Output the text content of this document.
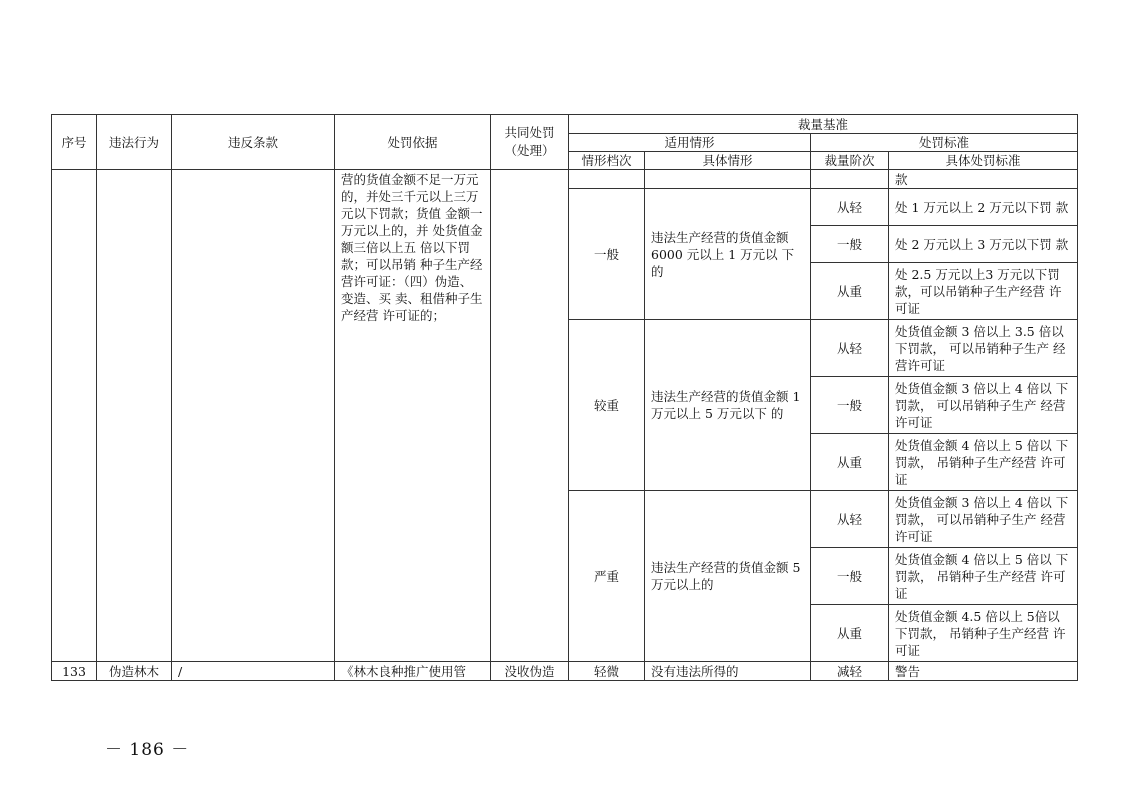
序号	违法行为	违反条款	处罚依据	共同处罚（处理）	裁量基准			
					适用情形		处罚标准	
					情形档次	具体情形	裁量阶次	具体处罚标准
			营的货值金额不足一万元的，并处三千元以上三万元以下罚款；货值 金额一万元以上的，并 处货值金额三倍以上五 倍以下罚款；可以吊销 种子生产经营许可证：（四）伪造、变造、买 卖、租借种子生产经营 许可证的；					款
					一般	违法生产经营的货值金额 6000 元以上 1 万元以 下的	从轻	处 1 万元以上 2 万元以下罚 款
							一般	处 2 万元以上 3 万元以下罚 款
							从重	处 2.5 万元以上3 万元以下罚 款，可以吊销种子生产经营 许可证
					较重	违法生产经营的货值金额 1 万元以上 5 万元以下 的	从轻	处货值金额 3 倍以上 3.5 倍以 下罚款， 可以吊销种子生产 经营许可证
							一般	处货值金额 3 倍以上 4 倍以 下罚款， 可以吊销种子生产 经营许可证
							从重	处货值金额 4 倍以上 5 倍以 下罚款， 吊销种子生产经营 许可证
					严重	违法生产经营的货值金额 5 万元以上的	从轻	处货值金额 3 倍以上 4 倍以 下罚款， 可以吊销种子生产 经营许可证
							一般	处货值金额 4 倍以上 5 倍以 下罚款， 吊销种子生产经营 许可证
							从重	处货值金额 4.5 倍以上 5倍以 下罚款， 吊销种子生产经营 许可证
133	伪造林木	/	《林木良种推广使用管	没收伪造	轻微	没有违法所得的	减轻	警告
－ 186 －
